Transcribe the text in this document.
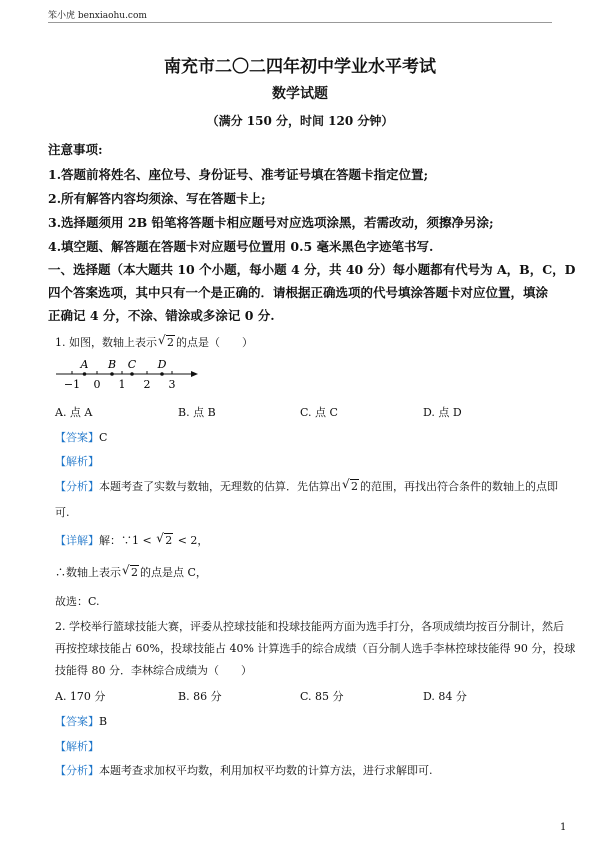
笨小虎 benxiaohu.com
南充市二〇二四年初中学业水平考试
数学试题
（满分 150 分，时间 120 分钟）
注意事项:
1.答题前将姓名、座位号、身份证号、准考证号填在答题卡指定位置;
2.所有解答内容均须涂、写在答题卡上;
3.选择题须用 2B 铅笔将答题卡相应题号对应选项涂黑，若需改动，须擦净另涂;
4.填空题、解答题在答题卡对应题号位置用 0.5 毫米黑色字迹笔书写.
一、选择题（本大题共 10 个小题，每小题 4 分，共 40 分）每小题都有代号为 A，B，C，D
四个答案选项，其中只有一个是正确的．请根据正确选项的代号填涂答题卡对应位置，填涂
正确记 4 分，不涂、错涂或多涂记 0 分.
1. 如图，数轴上表示 √ 2 的点是（　　）
−1 0 1 2 3
A B C D
A. 点 A	B. 点 B	C. 点 C	D. 点 D
【答案】C
【解析】
【分析】本题考查了实数与数轴，无理数的估算．先估算出 √ 2 的范围，再找出符合条件的数轴上的点即
可.
【详解】解：∵1 < √ 2 < 2，
∴数轴上表示 √ 2 的点是点 C，
故选：C.
2. 学校举行篮球技能大赛，评委从控球技能和投球技能两方面为选手打分，各项成绩均按百分制计，然后
再按控球技能占 60%，投球技能占 40% 计算选手的综合成绩（百分制人选手李林控球技能得 90 分，投球
技能得 80 分．李林综合成绩为（　　）
A. 170 分	B. 86 分	C. 85 分	D. 84 分
【答案】B
【解析】
【分析】本题考查求加权平均数，利用加权平均数的计算方法，进行求解即可.
1
